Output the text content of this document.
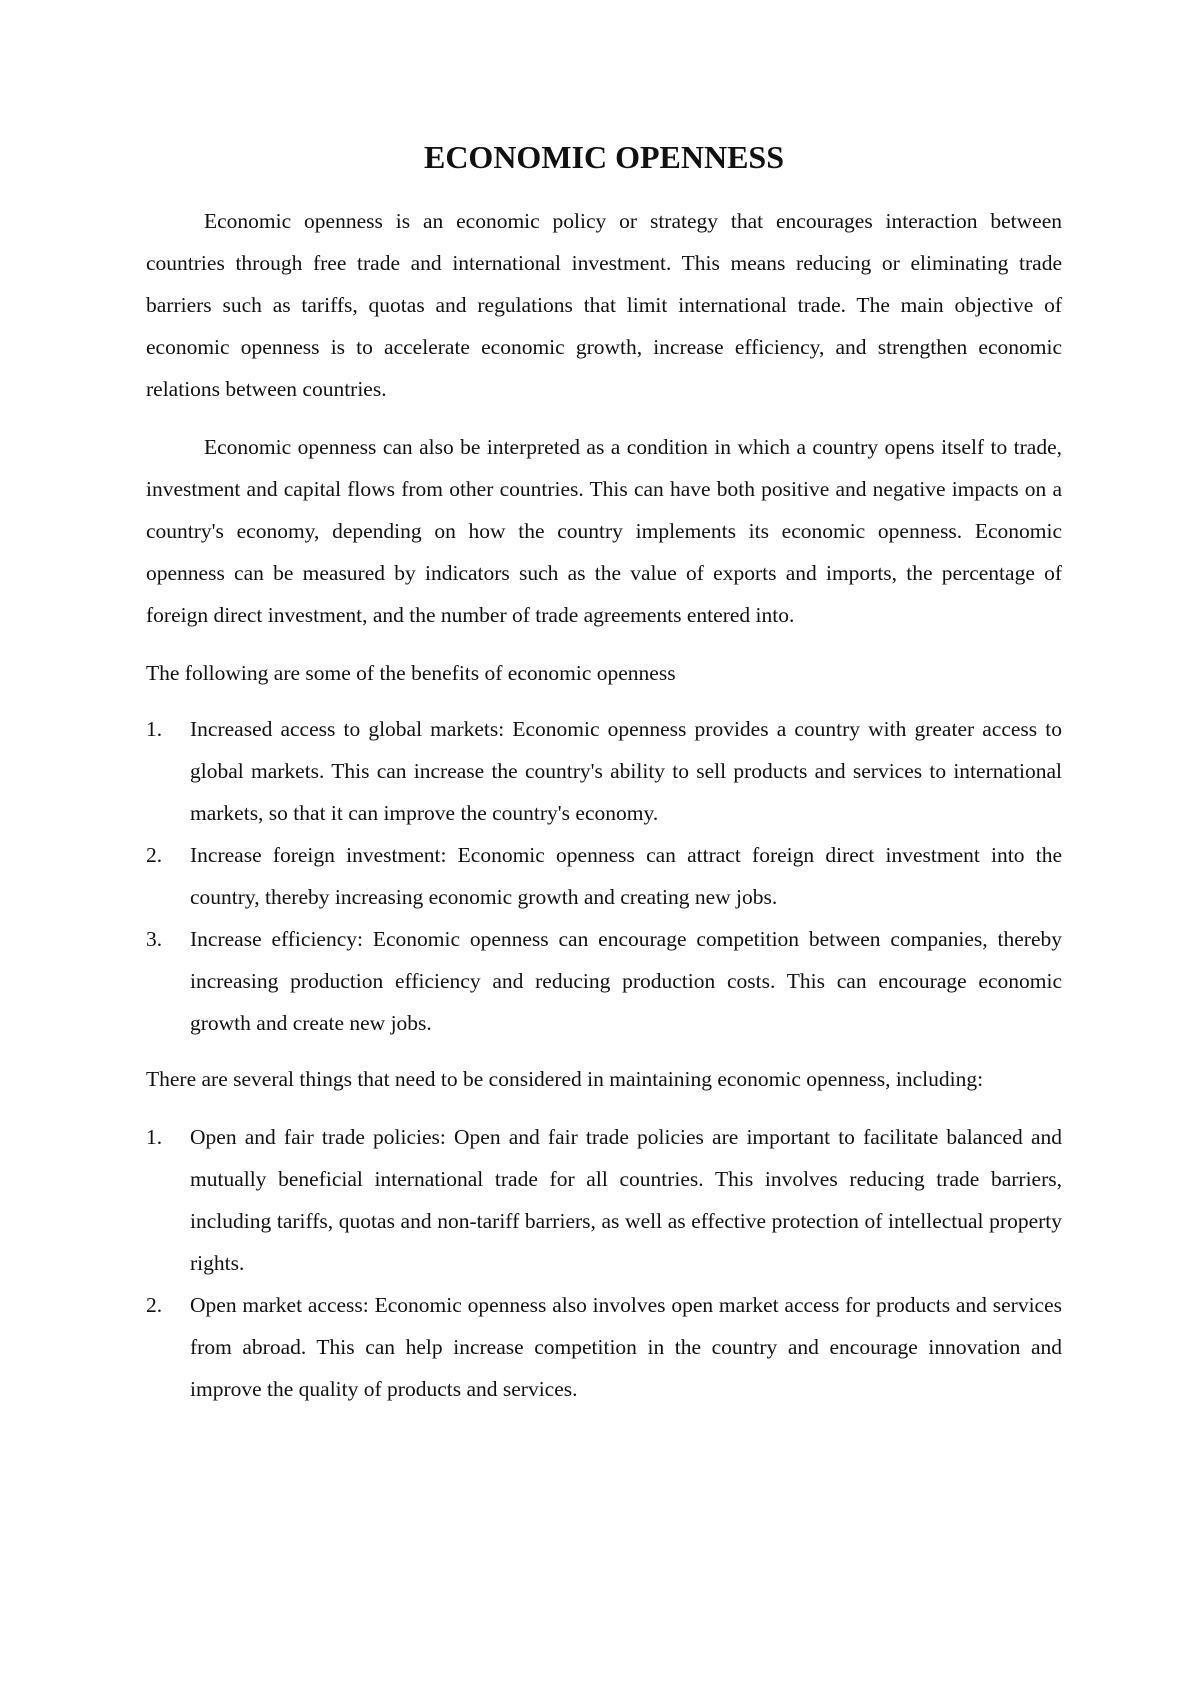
ECONOMIC OPENNESS

Economic openness is an economic policy or strategy that encourages interaction between countries through free trade and international investment. This means reducing or eliminating trade barriers such as tariffs, quotas and regulations that limit international trade. The main objective of economic openness is to accelerate economic growth, increase efficiency, and strengthen economic relations between countries.

Economic openness can also be interpreted as a condition in which a country opens itself to trade, investment and capital flows from other countries. This can have both positive and negative impacts on a country's economy, depending on how the country implements its economic openness. Economic openness can be measured by indicators such as the value of exports and imports, the percentage of foreign direct investment, and the number of trade agreements entered into.

The following are some of the benefits of economic openness

1.	Increased access to global markets: Economic openness provides a country with greater access to global markets. This can increase the country's ability to sell products and services to international markets, so that it can improve the country's economy.
2.	Increase foreign investment: Economic openness can attract foreign direct investment into the country, thereby increasing economic growth and creating new jobs.
3.	Increase efficiency: Economic openness can encourage competition between companies, thereby increasing production efficiency and reducing production costs. This can encourage economic growth and create new jobs.

There are several things that need to be considered in maintaining economic openness, including:

1.	Open and fair trade policies: Open and fair trade policies are important to facilitate balanced and mutually beneficial international trade for all countries. This involves reducing trade barriers, including tariffs, quotas and non-tariff barriers, as well as effective protection of intellectual property rights.
2.	Open market access: Economic openness also involves open market access for products and services from abroad. This can help increase competition in the country and encourage innovation and improve the quality of products and services.
